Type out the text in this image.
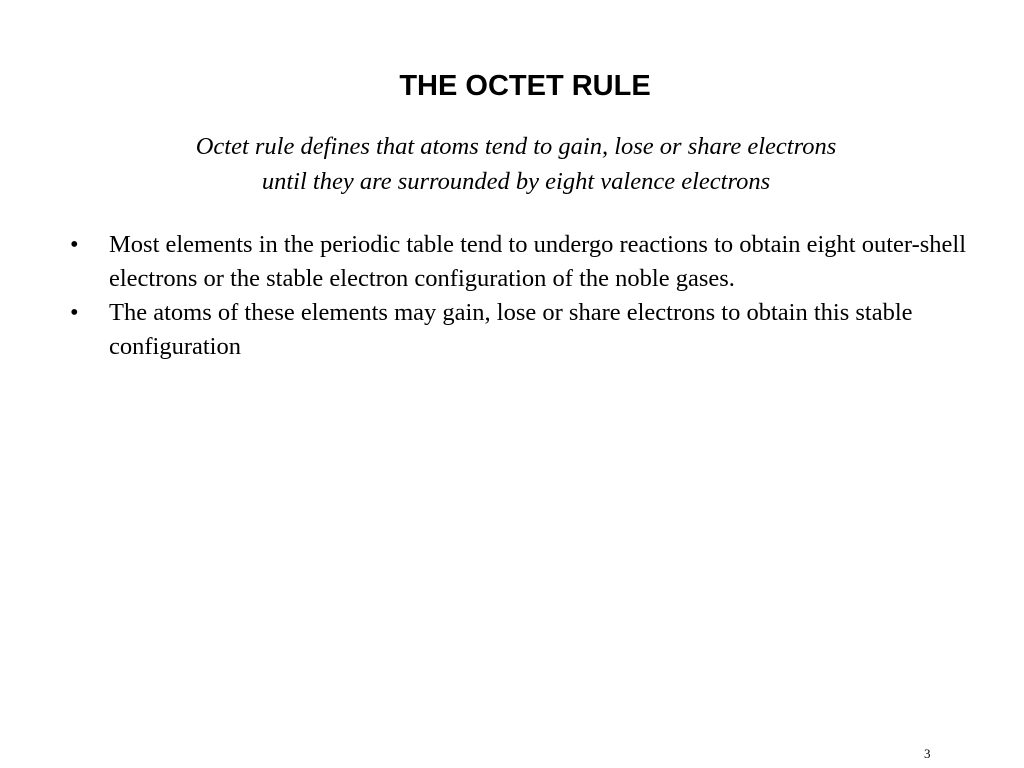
THE OCTET RULE
Octet rule defines that atoms tend to gain, lose or share electrons
until they are surrounded by eight valence electrons
•	Most elements in the periodic table tend to undergo reactions to obtain eight outer-shell electrons or the stable electron configuration of the noble gases.
•	The atoms of these elements may gain, lose or share electrons to obtain this stable configuration
3
